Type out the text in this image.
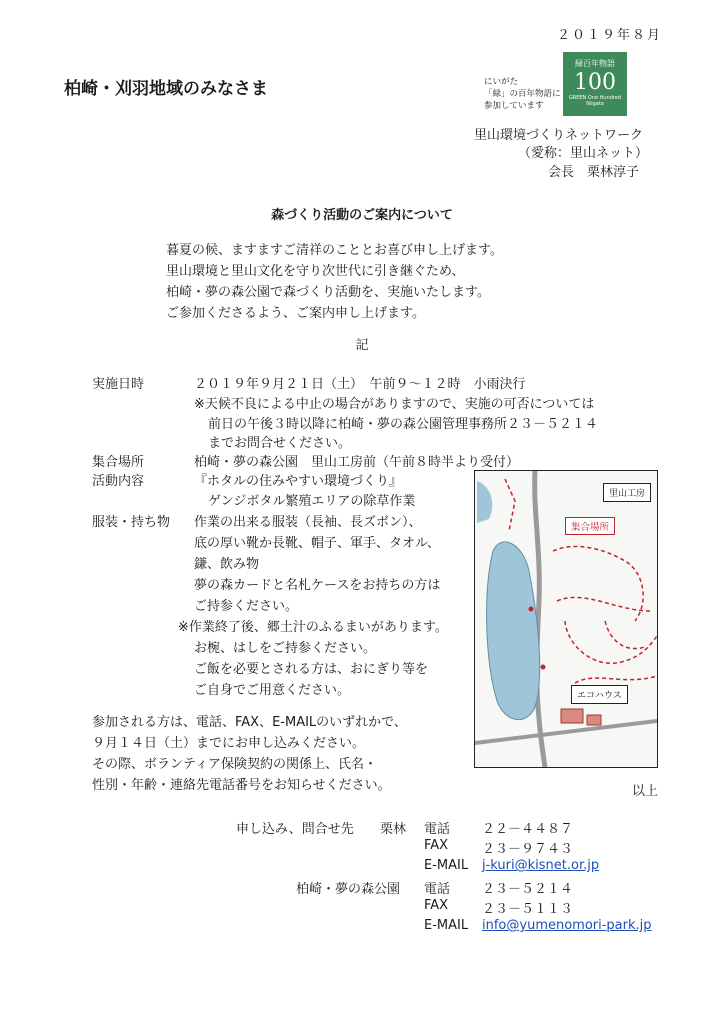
２０１９年８月
柏崎・刈羽地域のみなさま	にいがた
「緑」の百年物語に
参加しています
緑百年物語
100
GREEN One Hundred
Niigata
里山環境づくりネットワーク
（愛称：里山ネット）
会長　栗林淳子
森づくり活動のご案内について
暮夏の候、ますますご清祥のこととお喜び申し上げます。
里山環境と里山文化を守り次世代に引き継ぐため、
柏崎・夢の森公園で森づくり活動を、実施いたします。
ご参加くださるよう、ご案内申し上げます。
記
実施日時	２０１９年９月２１日（土）　午前９～１２時　小雨決行
※天候不良による中止の場合がありますので、実施の可否については
前日の午後３時以降に柏崎・夢の森公園管理事務所２３－５２１４
までお問合せください。
集合場所	柏崎・夢の森公園　里山工房前（午前８時半より受付）
活動内容	『ホタルの住みやすい環境づくり』
ゲンジボタル繁殖エリアの除草作業
服装・持ち物 作業の出来る服装（長袖、長ズボン）、
底の厚い靴か長靴、帽子、軍手、タオル、
鎌、飲み物
夢の森カードと名札ケースをお持ちの方は
ご持参ください。
※作業終了後、郷土汁のふるまいがあります。
お椀、はしをご持参ください。
ご飯を必要とされる方は、おにぎり等を
ご自身でご用意ください。
参加される方は、電話、FAX、E-MAILのいずれかで、
９月１４日（土）までにお申し込みください。
その際、ボランティア保険契約の関係上、氏名・
性別・年齢・連絡先電話番号をお知らせください。
里山工房
集合場所
エコハウス
以上
申し込み、問合せ先 栗林 電話 ２２－４４８７
FAX	２３－９７４３
E-MAIL j-kuri@kisnet.or.jp
柏崎・夢の森公園 電話 ２３－５２１４
FAX	２３－５１１３
E-MAIL info@yumenomori-park.jp
